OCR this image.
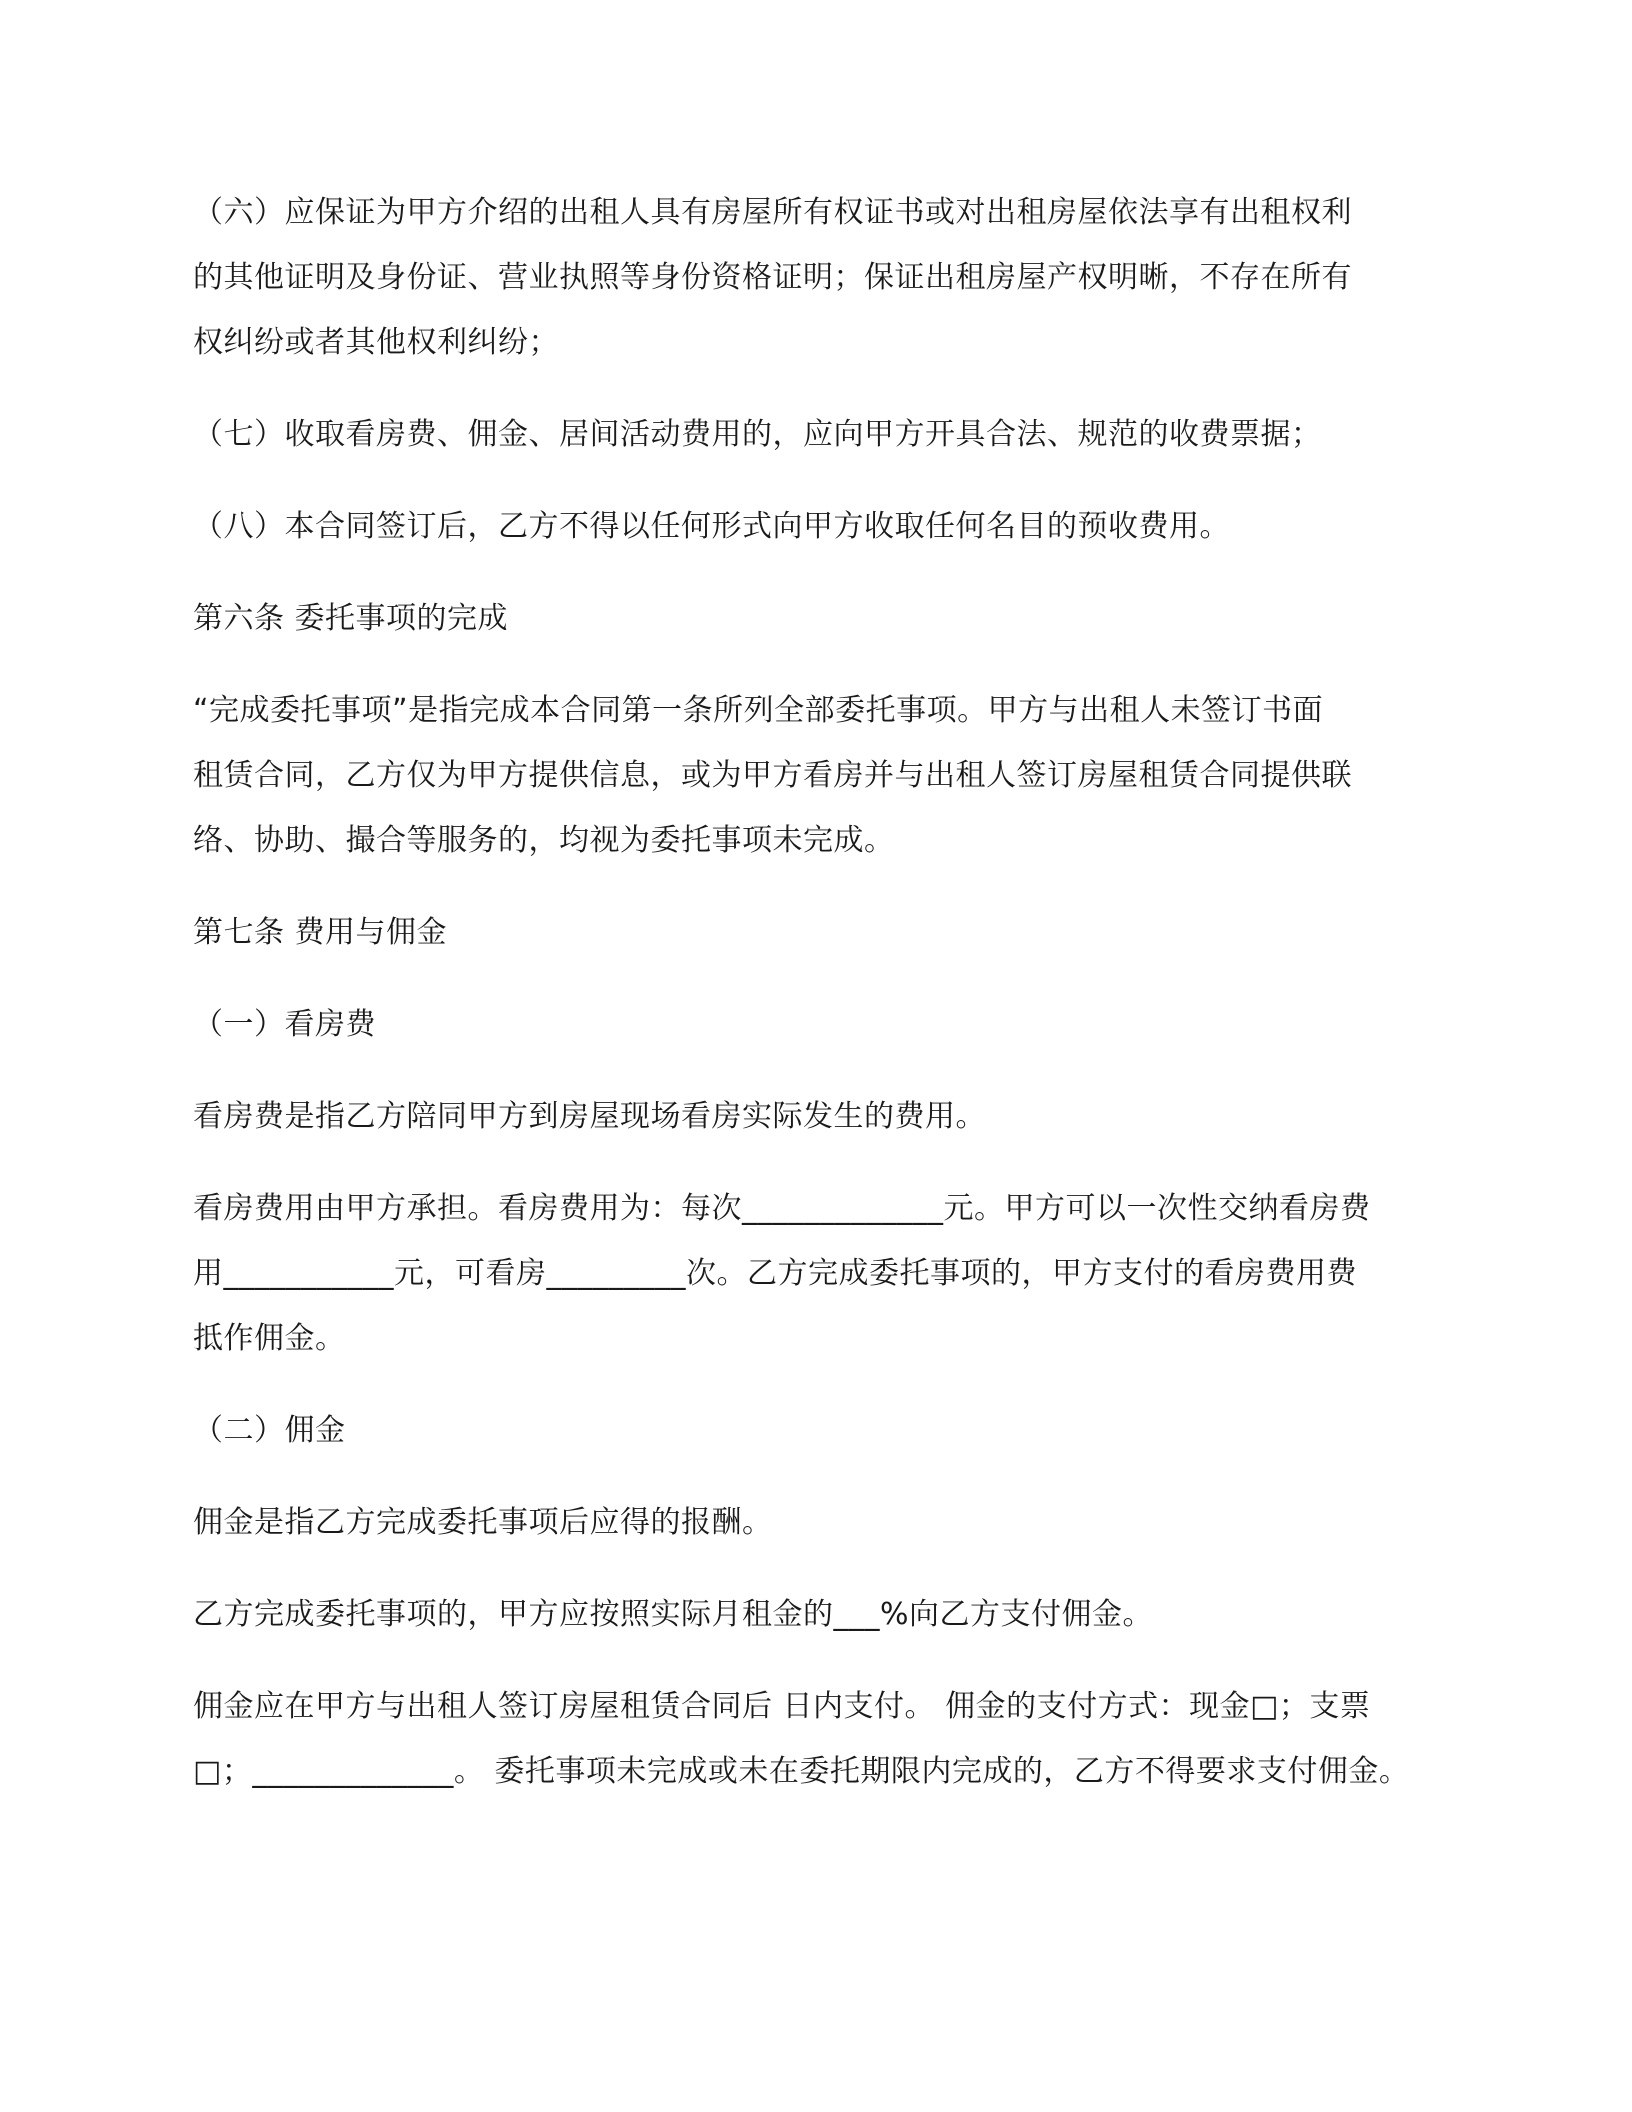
（六）应保证为甲方介绍的出租人具有房屋所有权证书或对出租房屋依法享有出租权利

的其他证明及身份证、营业执照等身份资格证明；保证出租房屋产权明晰，不存在所有

权纠纷或者其他权利纠纷；

（七）收取看房费、佣金、居间活动费用的，应向甲方开具合法、规范的收费票据；

（八）本合同签订后，乙方不得以任何形式向甲方收取任何名目的预收费用。

第六条 委托事项的完成

“完成委托事项”是指完成本合同第一条所列全部委托事项。甲方与出租人未签订书面

租赁合同，乙方仅为甲方提供信息，或为甲方看房并与出租人签订房屋租赁合同提供联

络、协助、撮合等服务的，均视为委托事项未完成。

第七条 费用与佣金

（一）看房费

看房费是指乙方陪同甲方到房屋现场看房实际发生的费用。

看房费用由甲方承担。看房费用为：每次_____________元。甲方可以一次性交纳看房费

用___________元，可看房_________次。乙方完成委托事项的，甲方支付的看房费用费

抵作佣金。

（二）佣金

佣金是指乙方完成委托事项后应得的报酬。

乙方完成委托事项的，甲方应按照实际月租金的___%向乙方支付佣金。

佣金应在甲方与出租人签订房屋租赁合同后 日内支付。 佣金的支付方式：现金□；支票

□；_____________。 委托事项未完成或未在委托期限内完成的，乙方不得要求支付佣金。
